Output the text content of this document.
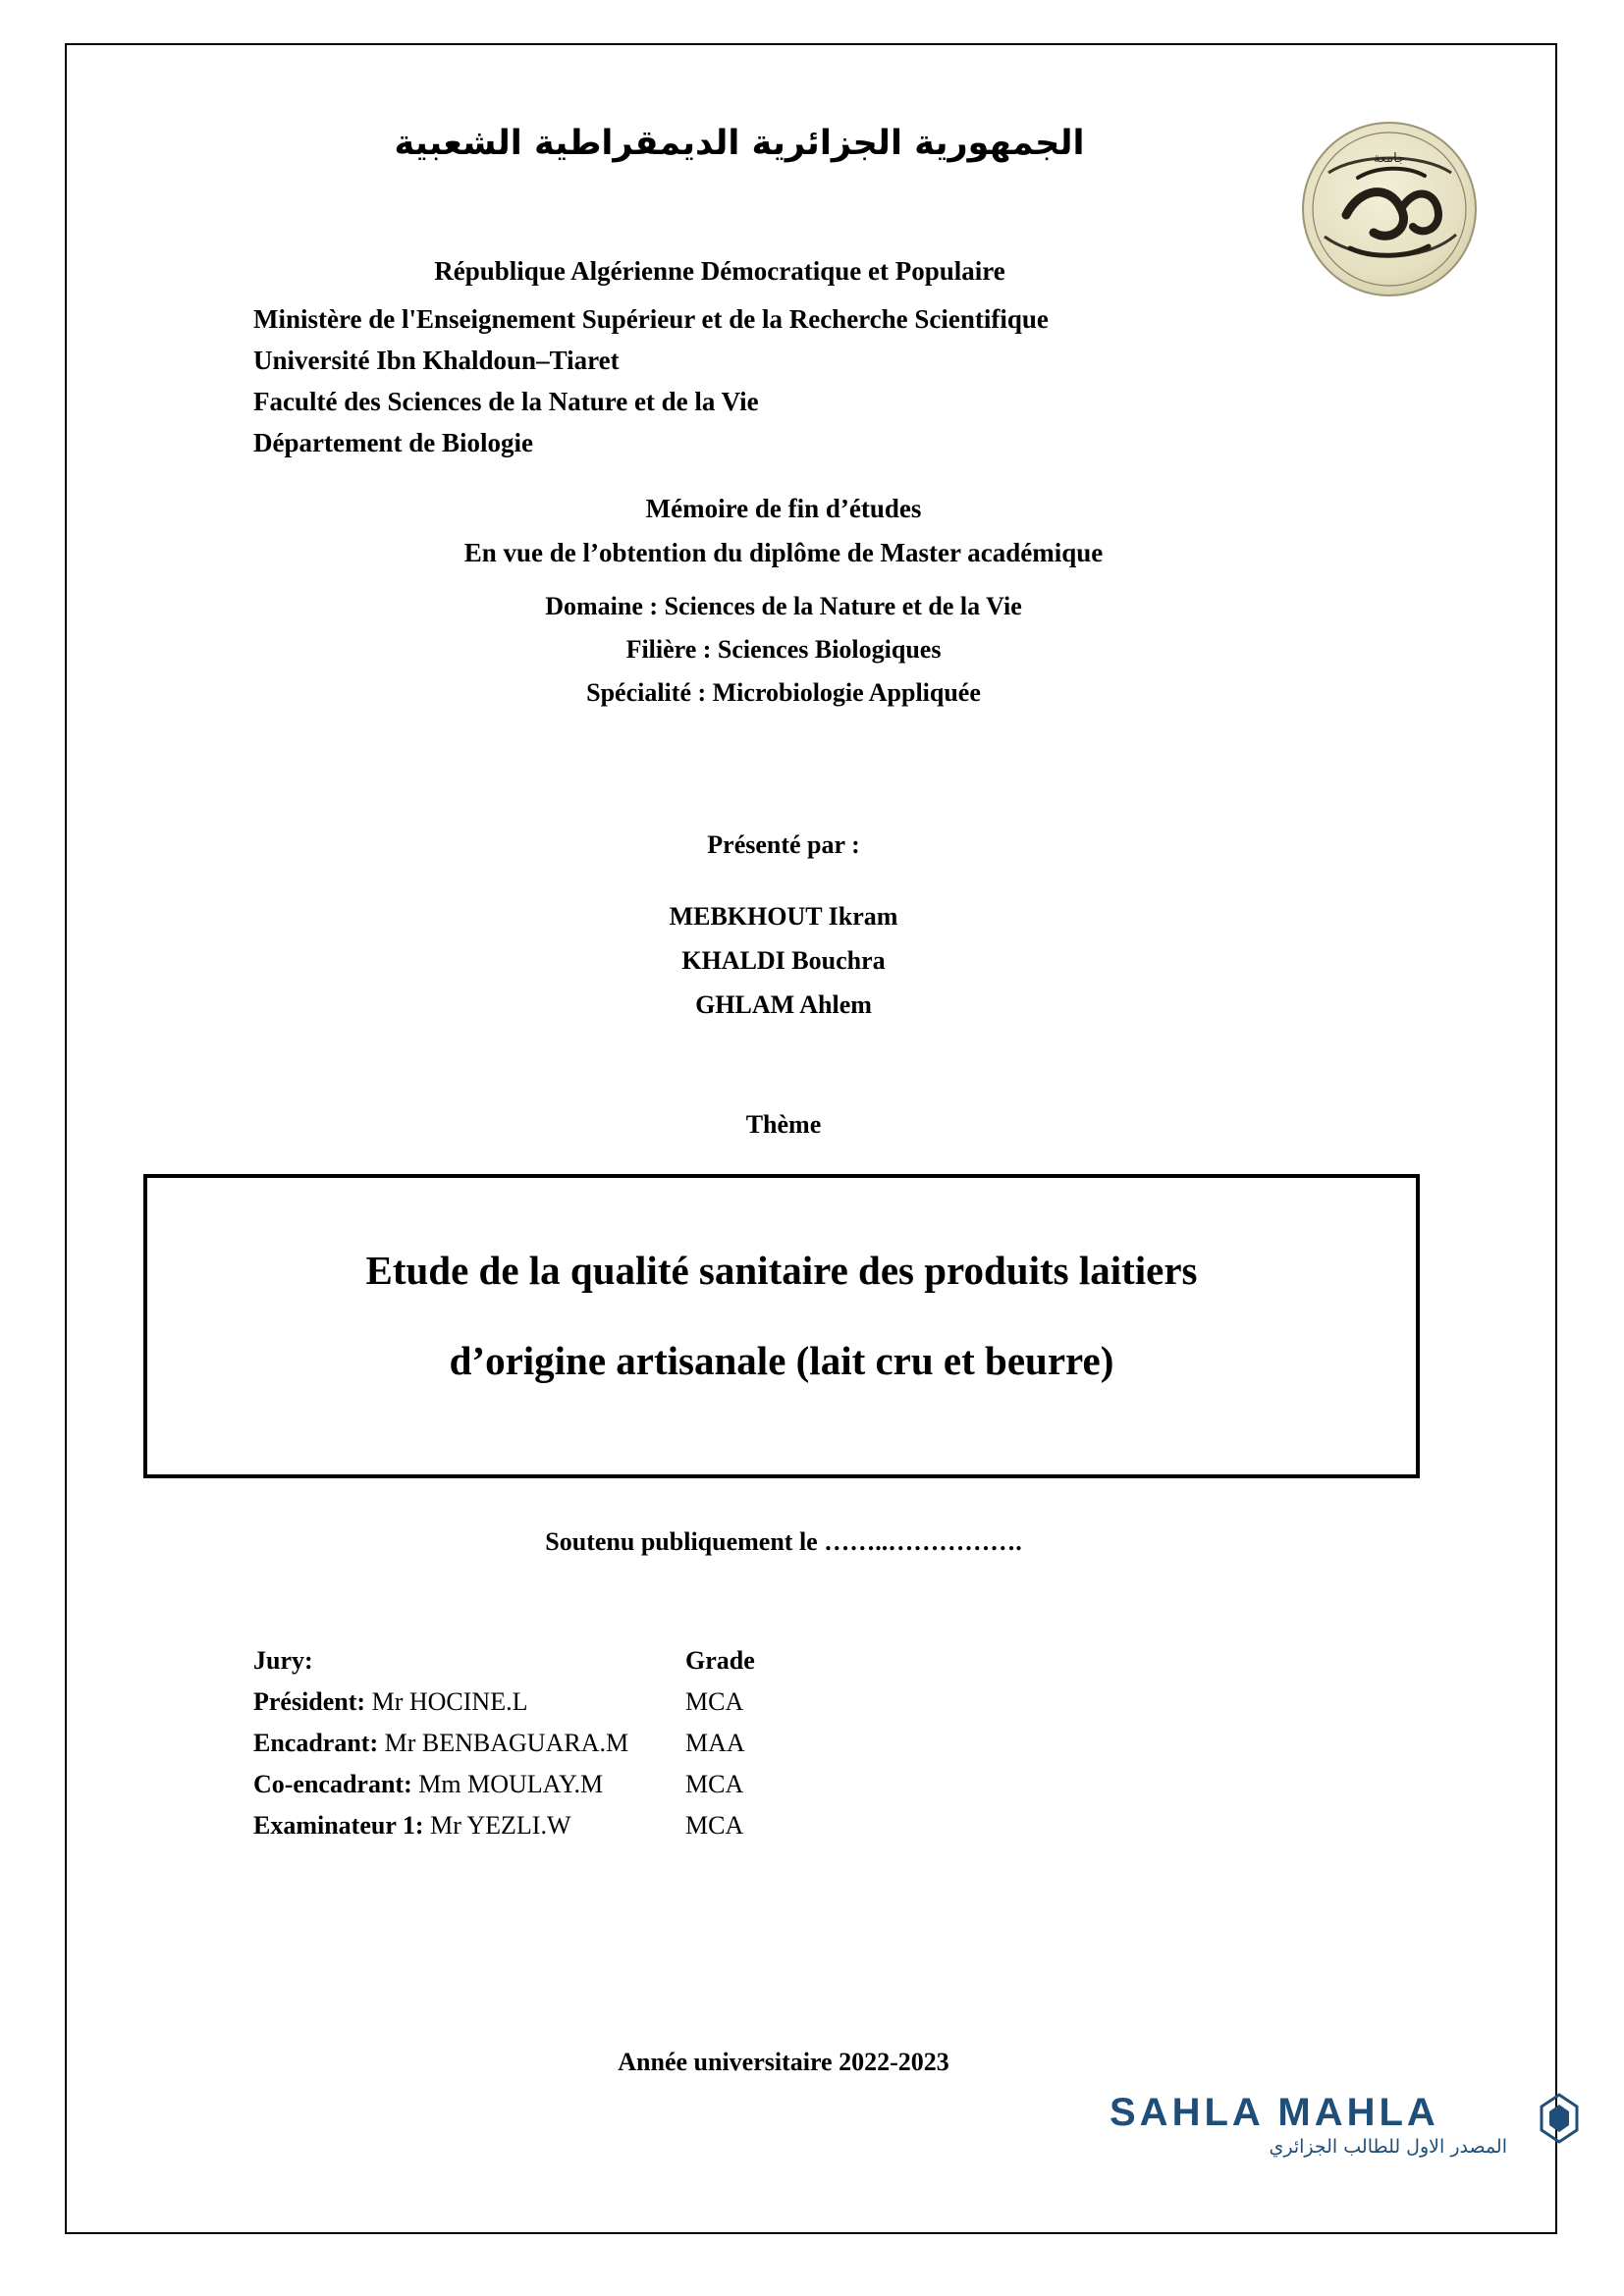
الجمهورية الجزائرية الديمقراطية الشعبية	جامعة
République Algérienne Démocratique et Populaire
Ministère de l'Enseignement Supérieur et de la Recherche Scientifique
Université Ibn Khaldoun–Tiaret
Faculté des Sciences de la Nature et de la Vie
Département de Biologie
Mémoire de fin d’études
En vue de l’obtention du diplôme de Master académique
Domaine : Sciences de la Nature et de la Vie
Filière : Sciences Biologiques
Spécialité : Microbiologie Appliquée
Présenté par :
MEBKHOUT Ikram
KHALDI Bouchra
GHLAM Ahlem
Thème
Etude de la qualité sanitaire des produits laitiers
d’origine artisanale (lait cru et beurre)
Soutenu publiquement le ……..…………….
Jury:	Grade
Président: Mr HOCINE.L	MCA
Encadrant: Mr BENBAGUARA.M	MAA
Co-encadrant: Mm MOULAY.M	MCA
Examinateur 1: Mr YEZLI.W	MCA
Année universitaire 2022-2023
SAHLA MAHLA
المصدر الاول للطالب الجزائري
